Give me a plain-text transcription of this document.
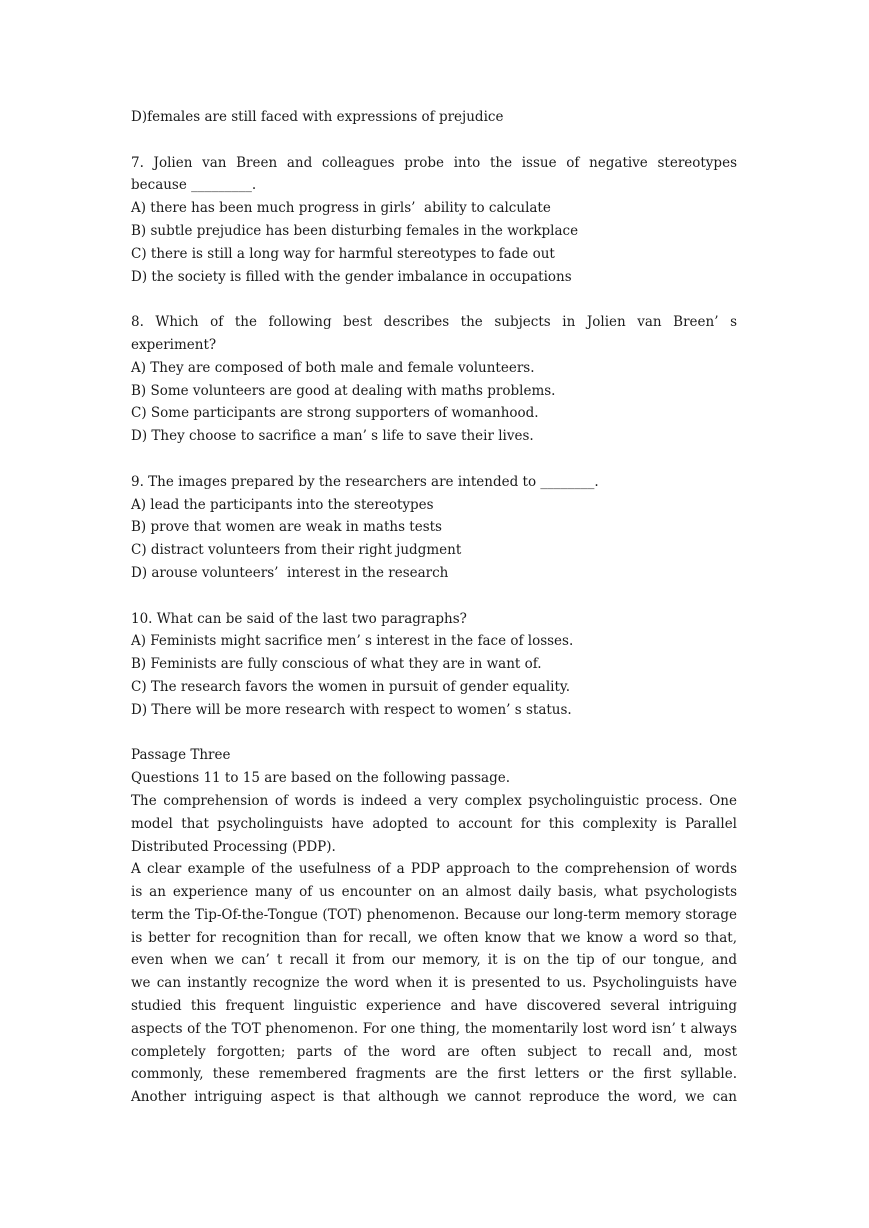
D)females are still faced with expressions of prejudice
7. Jolien van Breen and colleagues probe into the issue of negative stereotypes
because _________.
A) there has been much progress in girls’  ability to calculate
B) subtle prejudice has been disturbing females in the workplace
C) there is still a long way for harmful stereotypes to fade out
D) the society is filled with the gender imbalance in occupations
8. Which of the following best describes the subjects in Jolien van Breen’ s
experiment?
A) They are composed of both male and female volunteers.
B) Some volunteers are good at dealing with maths problems.
C) Some participants are strong supporters of womanhood.
D) They choose to sacrifice a man’ s life to save their lives.
9. The images prepared by the researchers are intended to ________.
A) lead the participants into the stereotypes
B) prove that women are weak in maths tests
C) distract volunteers from their right judgment
D) arouse volunteers’  interest in the research
10. What can be said of the last two paragraphs?
A) Feminists might sacrifice men’ s interest in the face of losses.
B) Feminists are fully conscious of what they are in want of.
C) The research favors the women in pursuit of gender equality.
D) There will be more research with respect to women’ s status.
Passage Three
Questions 11 to 15 are based on the following passage.
The comprehension of words is indeed a very complex psycholinguistic process. One
model that psycholinguists have adopted to account for this complexity is Parallel
Distributed Processing (PDP).
A clear example of the usefulness of a PDP approach to the comprehension of words
is an experience many of us encounter on an almost daily basis, what psychologists
term the Tip-Of-the-Tongue (TOT) phenomenon. Because our long-term memory storage
is better for recognition than for recall, we often know that we know a word so that,
even when we can’ t recall it from our memory, it is on the tip of our tongue, and
we can instantly recognize the word when it is presented to us. Psycholinguists have
studied this frequent linguistic experience and have discovered several intriguing
aspects of the TOT phenomenon. For one thing, the momentarily lost word isn’ t always
completely forgotten; parts of the word are often subject to recall and, most
commonly, these remembered fragments are the first letters or the first syllable.
Another intriguing aspect is that although we cannot reproduce the word, we can
